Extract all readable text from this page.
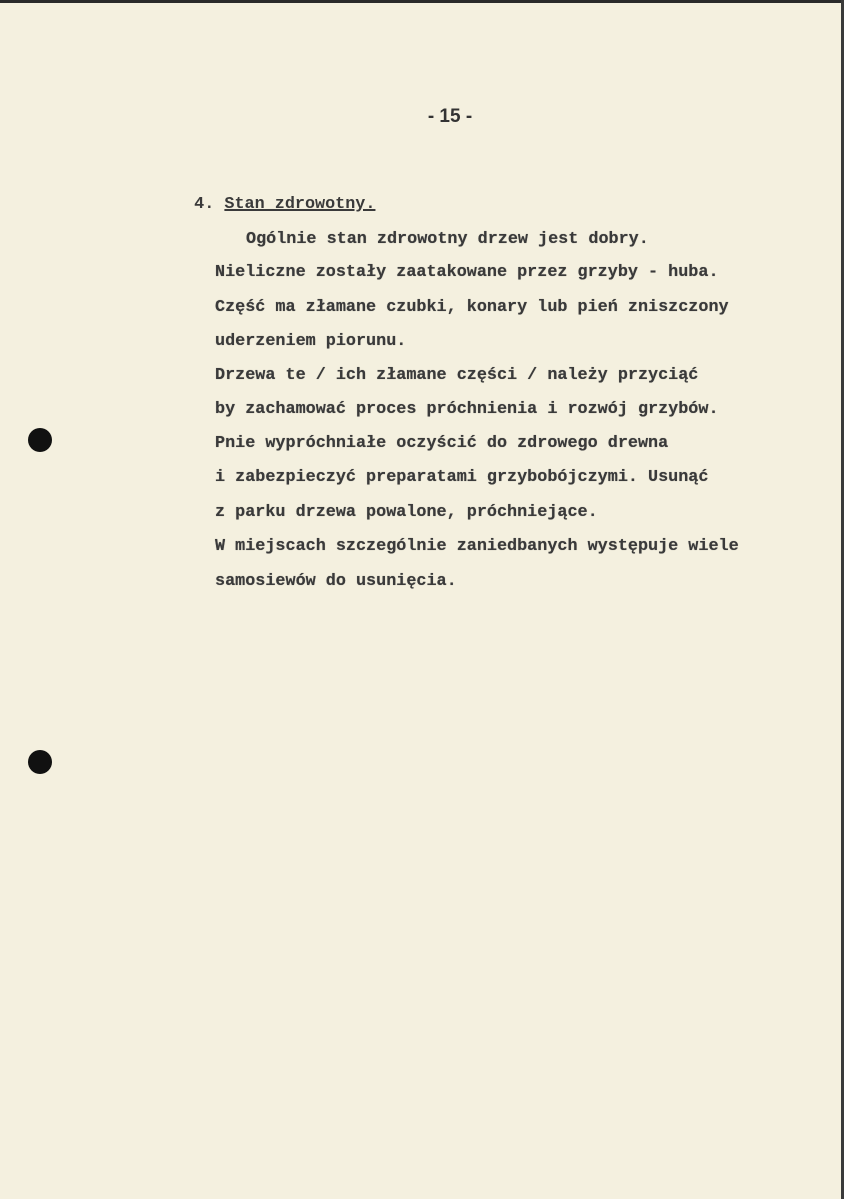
- 15 -

4. Stan zdrowotny.

Ogólnie stan zdrowotny drzew jest dobry.
Nieliczne zostały zaatakowane przez grzyby - huba.
Część ma złamane czubki, konary lub pień zniszczony
uderzeniem piorunu.
Drzewa te / ich złamane części / należy przyciąć
by zachamować proces próchnienia i rozwój grzybów.
Pnie wypróchniałe oczyścić do zdrowego drewna
i zabezpieczyć preparatami grzybobójczymi. Usunąć
z parku drzewa powalone, próchniejące.
W miejscach szczególnie zaniedbanych występuje wiele
samosiewów do usunięcia.
